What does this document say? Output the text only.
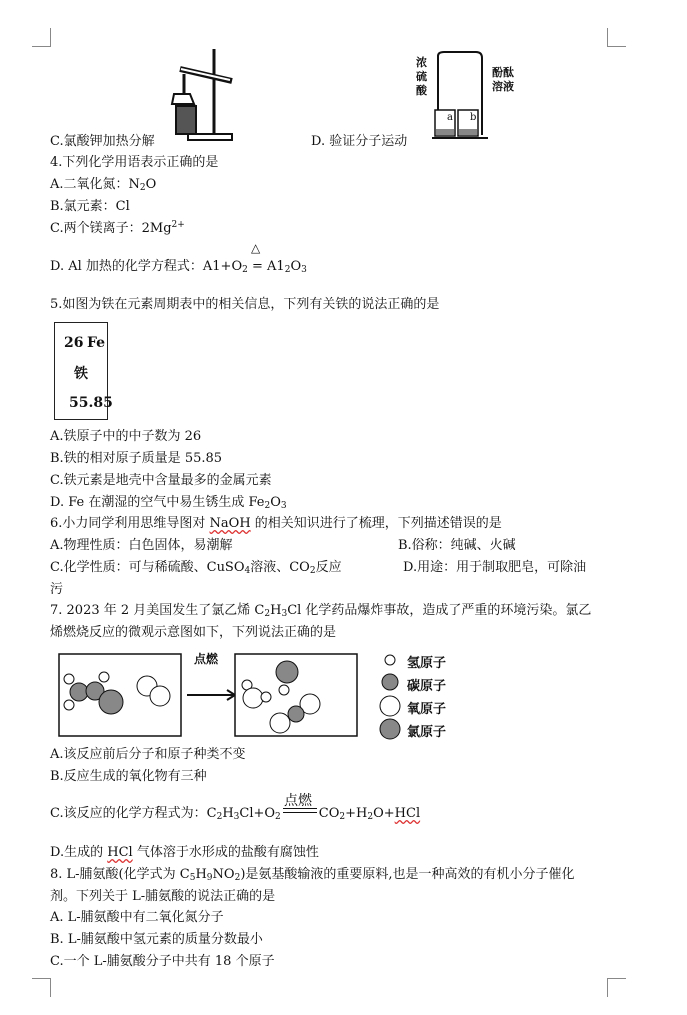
C.氯酸钾加热分解	D. 验证分子运动
浓硫酸
酚酞溶液
a b
4.下列化学用语表示正确的是
A.二氧化氮：$N_2O$
B.氯元素：Cl
C.两个镁离子：$2Mg^{2+}$
△
D. Al 加热的化学方程式：$A1+O_2 = A1_2O_3$
5.如图为铁在元素周期表中的相关信息，下列有关铁的说法正确的是
26 Fe
铁
55.85
A.铁原子中的中子数为 26
B.铁的相对原子质量是 55.85
C.铁元素是地壳中含量最多的金属元素
D. Fe 在潮湿的空气中易生锈生成 $Fe_2O_3$
6.小力同学利用思维导图对 NaOH 的相关知识进行了梳理，下列描述错误的是
A.物理性质：白色固体，易潮解	B.俗称：纯碱、火碱
C.化学性质：可与稀硫酸、CuSO$_4$溶液、$CO_2$反应	D.用途：用于制取肥皂，可除油
污
7. 2023 年 2 月美国发生了氯乙烯 $C_2H_3Cl$ 化学药品爆炸事故，造成了严重的环境污染。氯乙
烯燃烧反应的微观示意图如下，下列说法正确的是
点燃	氢原子
碳原子
氧原子
氯原子
A.该反应前后分子和原子种类不变
B.反应生成的氧化物有三种
点燃
C.该反应的化学方程式为：$C_2H_3Cl+O_2$	$CO_2+H_2O+HCl$
D.生成的 HCl 气体溶于水形成的盐酸有腐蚀性
8. L-脯氨酸(化学式为 $C_5H_9NO_2$)是氨基酸输液的重要原料,也是一种高效的有机小分子催化
剂。下列关于 L-脯氨酸的说法正确的是
A. L-脯氨酸中有二氧化氮分子
B. L-脯氨酸中氢元素的质量分数最小
C.一个 L-脯氨酸分子中共有 18 个原子
